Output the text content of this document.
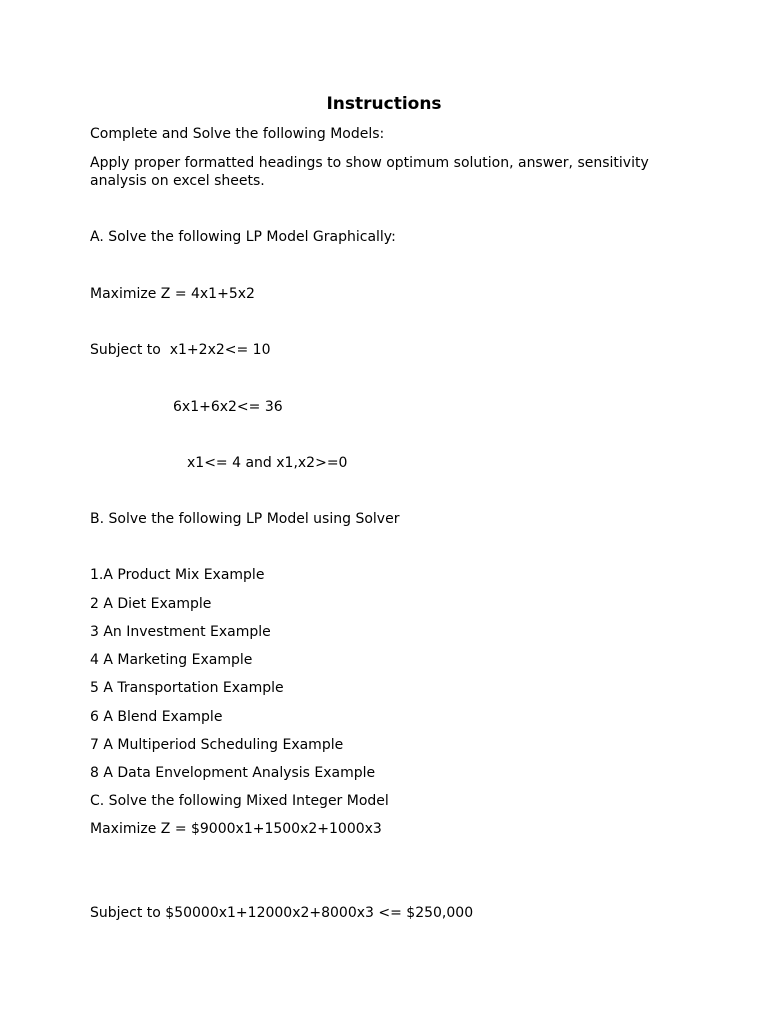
Instructions

Complete and Solve the following Models:

Apply proper formatted headings to show optimum solution, answer, sensitivity analysis on excel sheets.

A. Solve the following LP Model Graphically:

Maximize Z = 4x1+5x2

Subject to  x1+2x2<= 10

6x1+6x2<= 36

x1<= 4 and x1,x2>=0

B. Solve the following LP Model using Solver

1.A Product Mix Example

2 A Diet Example

3 An Investment Example

4 A Marketing Example

5 A Transportation Example

6 A Blend Example

7 A Multiperiod Scheduling Example

8 A Data Envelopment Analysis Example

C. Solve the following Mixed Integer Model

Maximize Z = $9000x1+1500x2+1000x3

Subject to $50000x1+12000x2+8000x3 <= $250,000
